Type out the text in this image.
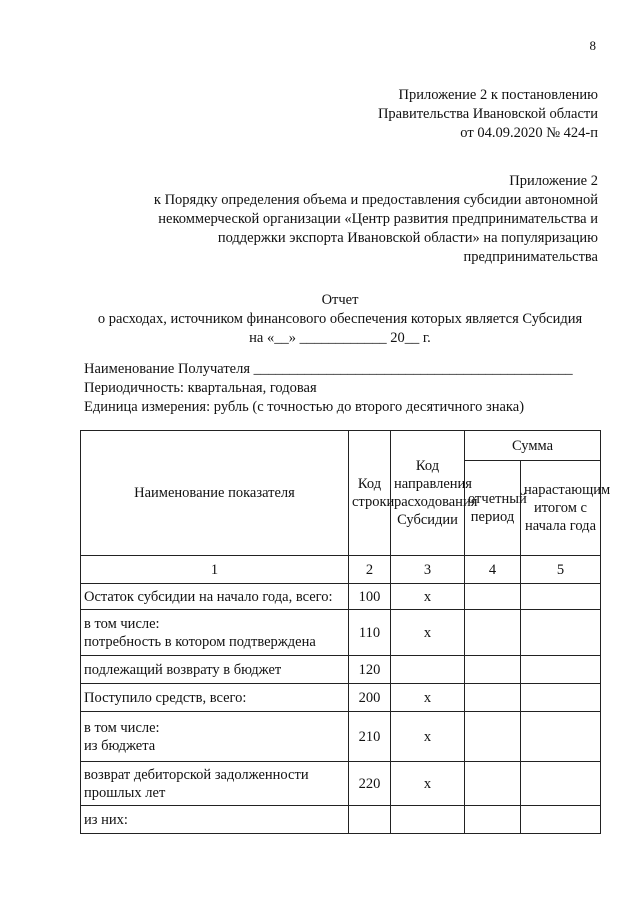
8
Приложение 2 к постановлению
Правительства Ивановской области
от 04.09.2020 № 424-п
Приложение 2
к Порядку определения объема и предоставления субсидии автономной
некоммерческой организации «Центр развития предпринимательства и
поддержки экспорта Ивановской области» на популяризацию
предпринимательства
Отчет
о расходах, источником финансового обеспечения которых является Субсидия
на «__» ____________ 20__ г.
Наименование Получателя ____________________________________________
Периодичность: квартальная, годовая
Единица измерения: рубль (с точностью до второго десятичного знака)
Наименование показателя	Код строки	Код направления расходования Субсидии	Сумма	
			отчетный период	нарастающим итогом с начала года
1	2	3	4	5
Остаток субсидии на начало года, всего:	100	х		
в том числе:
потребность в котором подтверждена	110	х		
подлежащий возврату в бюджет	120			
Поступило средств, всего:	200	х		
в том числе:
из бюджета	210	х		
возврат дебиторской задолженности прошлых лет	220	х		
из них:				
